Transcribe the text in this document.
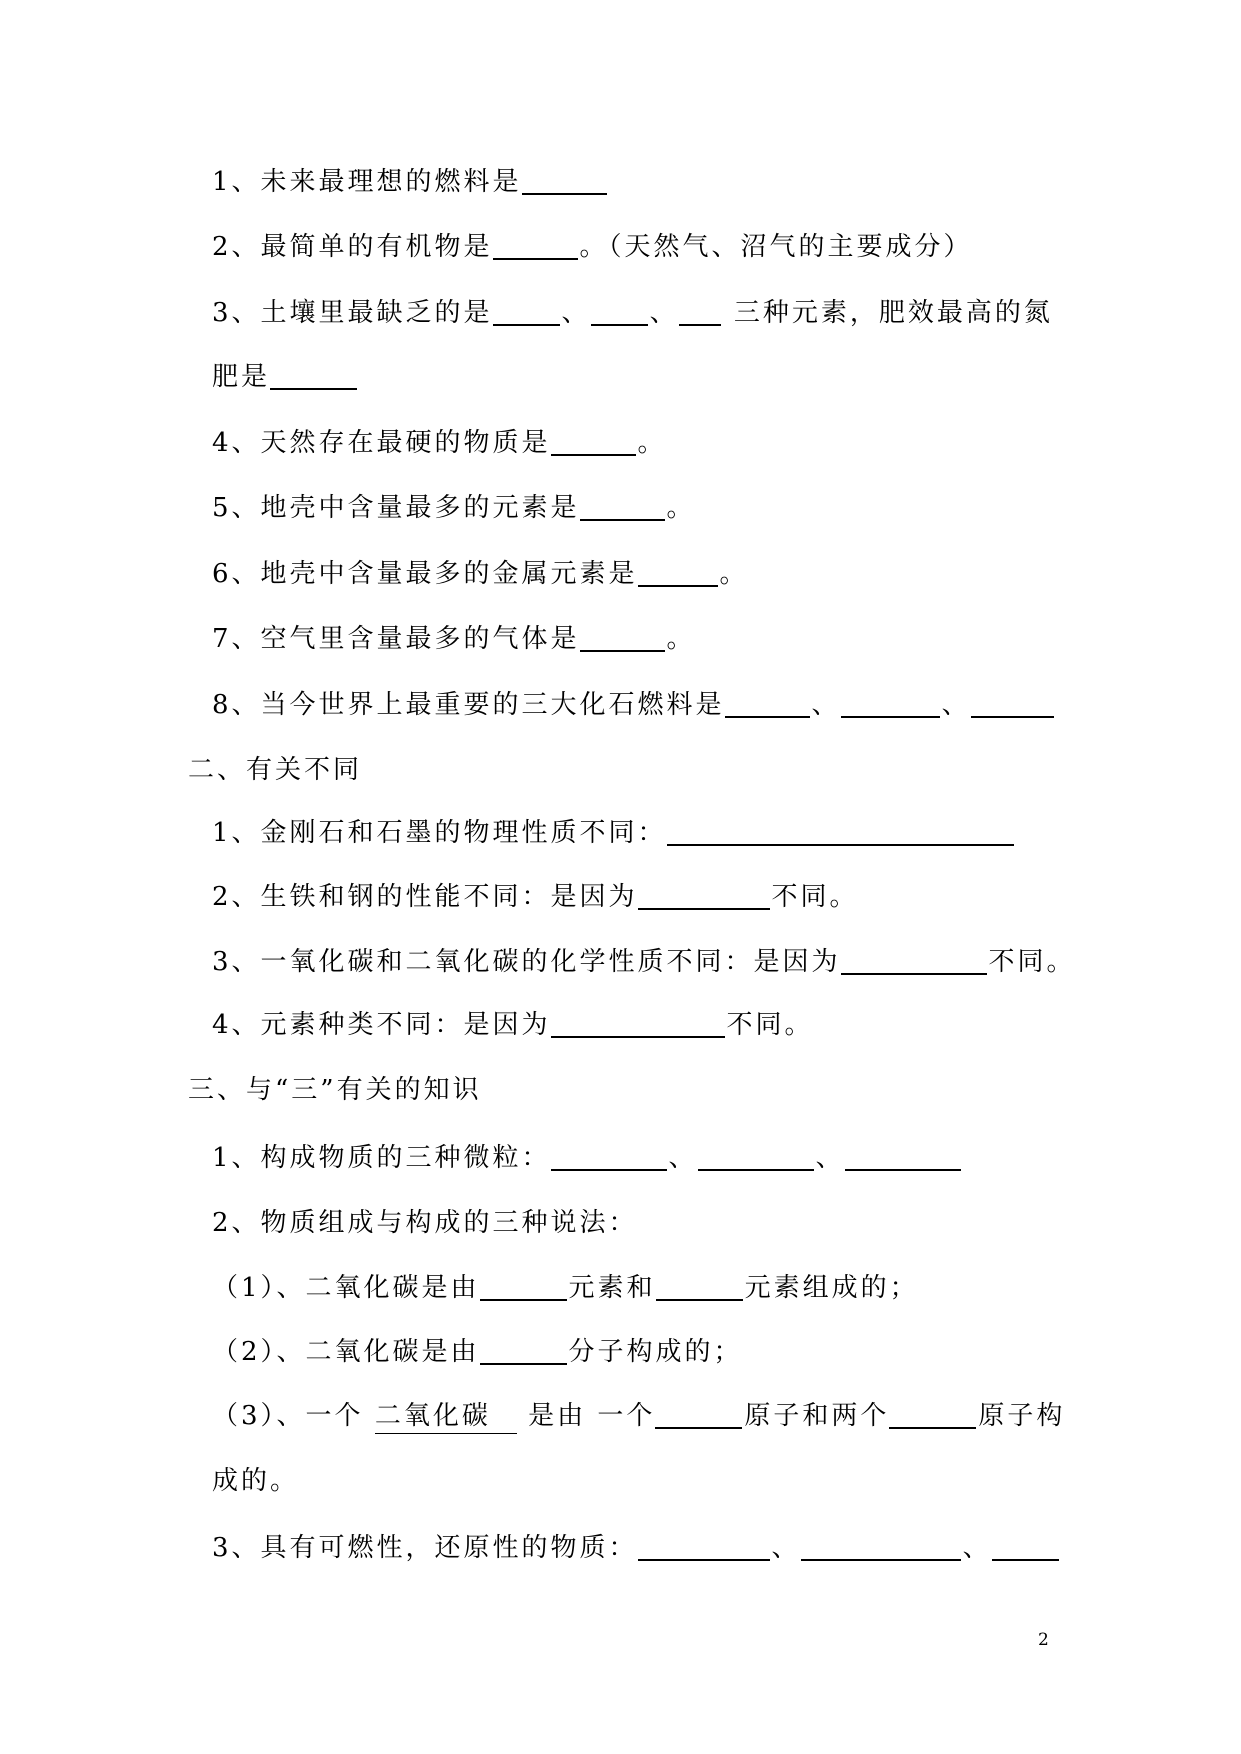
1、未来最理想的燃料是
2、最简单的有机物是	。（天然气、沼气的主要成分）
3、土壤里最缺乏的是	、 、 三种元素，肥效最高的氮
肥是
4、天然存在最硬的物质是	。
5、地壳中含量最多的元素是	。
6、地壳中含量最多的金属元素是	。
7、空气里含量最多的气体是	。
8、当今世界上最重要的三大化石燃料是	、	、
二、有关不同
1、金刚石和石墨的物理性质不同：
2、生铁和钢的性能不同：是因为	不同。
3、一氧化碳和二氧化碳的化学性质不同：是因为	不同。
4、元素种类不同：是因为	不同。
三、与“三”有关的知识
1、构成物质的三种微粒：	、	、
2、物质组成与构成的三种说法：
（1）、二氧化碳是由	元素和	元素组成的；
（2）、二氧化碳是由	分子构成的；
（3）、一个 二氧化碳 是由 一个	原子和两个	原子构
成的。
3、具有可燃性，还原性的物质：	、	、
2
